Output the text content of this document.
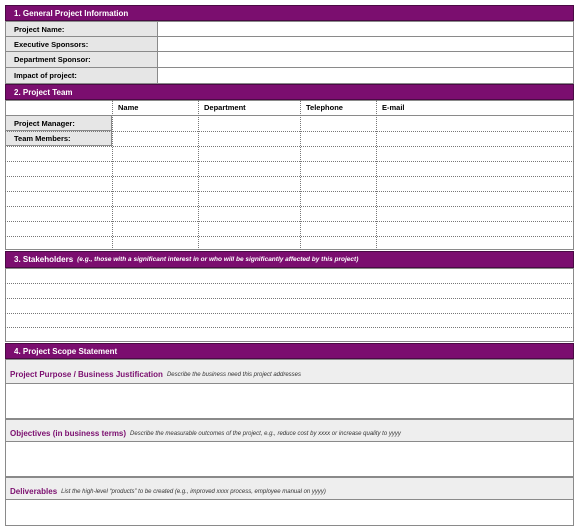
1. General Project Information
Project Name:
Executive Sponsors:
Department Sponsor:
Impact of project:
2. Project Team
Name	Department	Telephone	E-mail
Project Manager:
Team Members:
3. Stakeholders (e.g., those with a significant interest in or who will be significantly affected by this project)
4. Project Scope Statement
Project Purpose / Business Justification Describe the business need this project addresses
Objectives (in business terms) Describe the measurable outcomes of the project, e.g., reduce cost by xxxx or increase quality to yyyy
Deliverables List the high-level “products” to be created (e.g., improved xxxx process, employee manual on yyyy)
